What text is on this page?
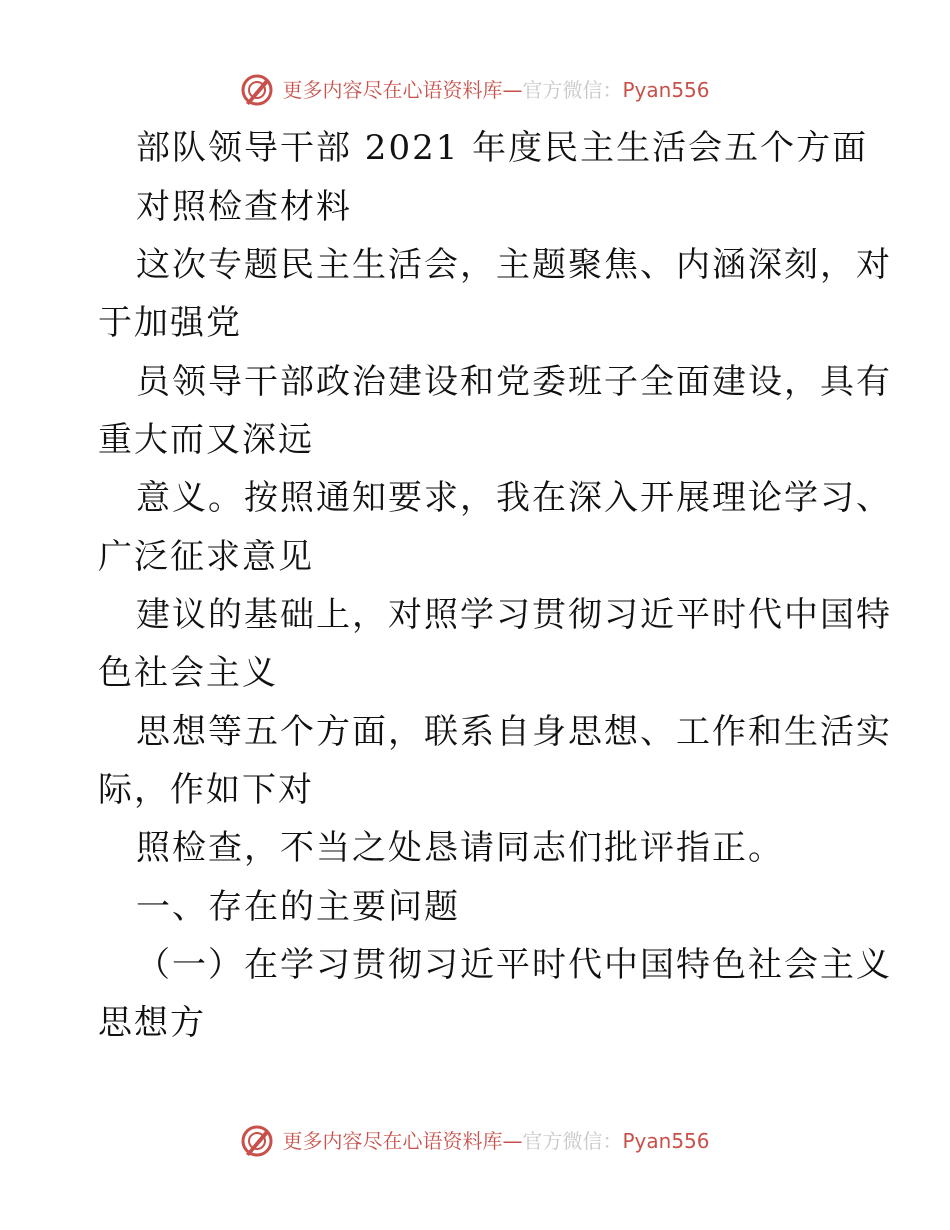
更多内容尽在心语资料库—官方微信：Pyan556
部队领导干部 2021 年度民主生活会五个方面
对照检查材料
这次专题民主生活会，主题聚焦、内涵深刻，对
于加强党
员领导干部政治建设和党委班子全面建设，具有
重大而又深远
意义。按照通知要求，我在深入开展理论学习、
广泛征求意见
建议的基础上，对照学习贯彻习近平时代中国特
色社会主义
思想等五个方面，联系自身思想、工作和生活实
际，作如下对
照检查，不当之处恳请同志们批评指正。
一、存在的主要问题
（一）在学习贯彻习近平时代中国特色社会主义
思想方
更多内容尽在心语资料库—官方微信：Pyan556
